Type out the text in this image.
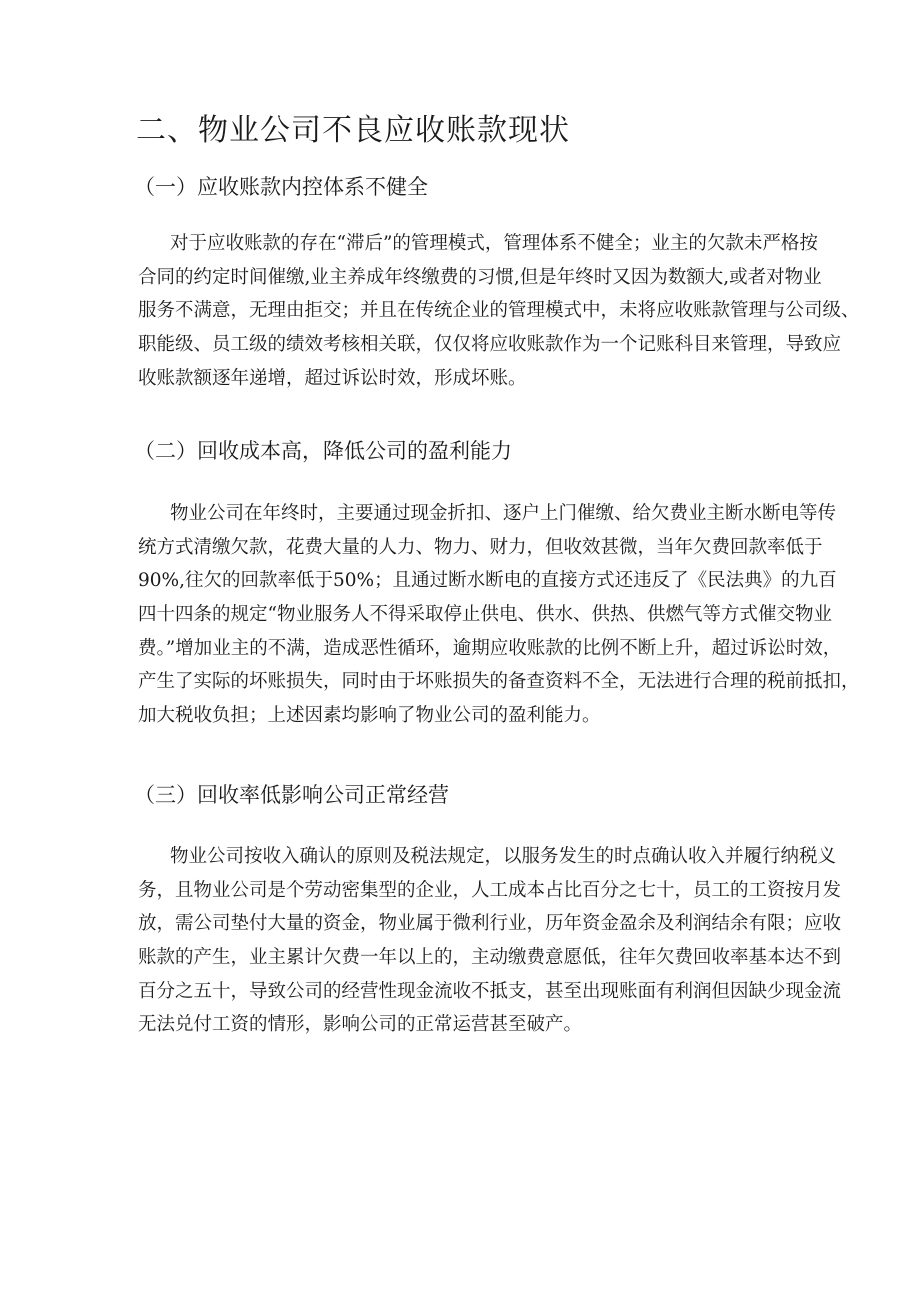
二、物业公司不良应收账款现状
（一）应收账款内控体系不健全
对于应收账款的存在“滞后”的管理模式，管理体系不健全；业主的欠款未严格按
合同的约定时间催缴,业主养成年终缴费的习惯,但是年终时又因为数额大,或者对物业
服务不满意，无理由拒交；并且在传统企业的管理模式中，未将应收账款管理与公司级、
职能级、员工级的绩效考核相关联，仅仅将应收账款作为一个记账科目来管理，导致应
收账款额逐年递增，超过诉讼时效，形成坏账。
（二）回收成本高，降低公司的盈利能力
物业公司在年终时，主要通过现金折扣、逐户上门催缴、给欠费业主断水断电等传
统方式清缴欠款，花费大量的人力、物力、财力，但收效甚微，当年欠费回款率低于
90%,往欠的回款率低于50%；且通过断水断电的直接方式还违反了《民法典》的九百
四十四条的规定“物业服务人不得采取停止供电、供水、供热、供燃气等方式催交物业
费。”增加业主的不满，造成恶性循环，逾期应收账款的比例不断上升，超过诉讼时效，
产生了实际的坏账损失，同时由于坏账损失的备查资料不全，无法进行合理的税前抵扣，
加大税收负担；上述因素均影响了物业公司的盈利能力。
（三）回收率低影响公司正常经营
物业公司按收入确认的原则及税法规定，以服务发生的时点确认收入并履行纳税义
务，且物业公司是个劳动密集型的企业，人工成本占比百分之七十，员工的工资按月发
放，需公司垫付大量的资金，物业属于微利行业，历年资金盈余及利润结余有限；应收
账款的产生，业主累计欠费一年以上的，主动缴费意愿低，往年欠费回收率基本达不到
百分之五十，导致公司的经营性现金流收不抵支，甚至出现账面有利润但因缺少现金流
无法兑付工资的情形，影响公司的正常运营甚至破产。
